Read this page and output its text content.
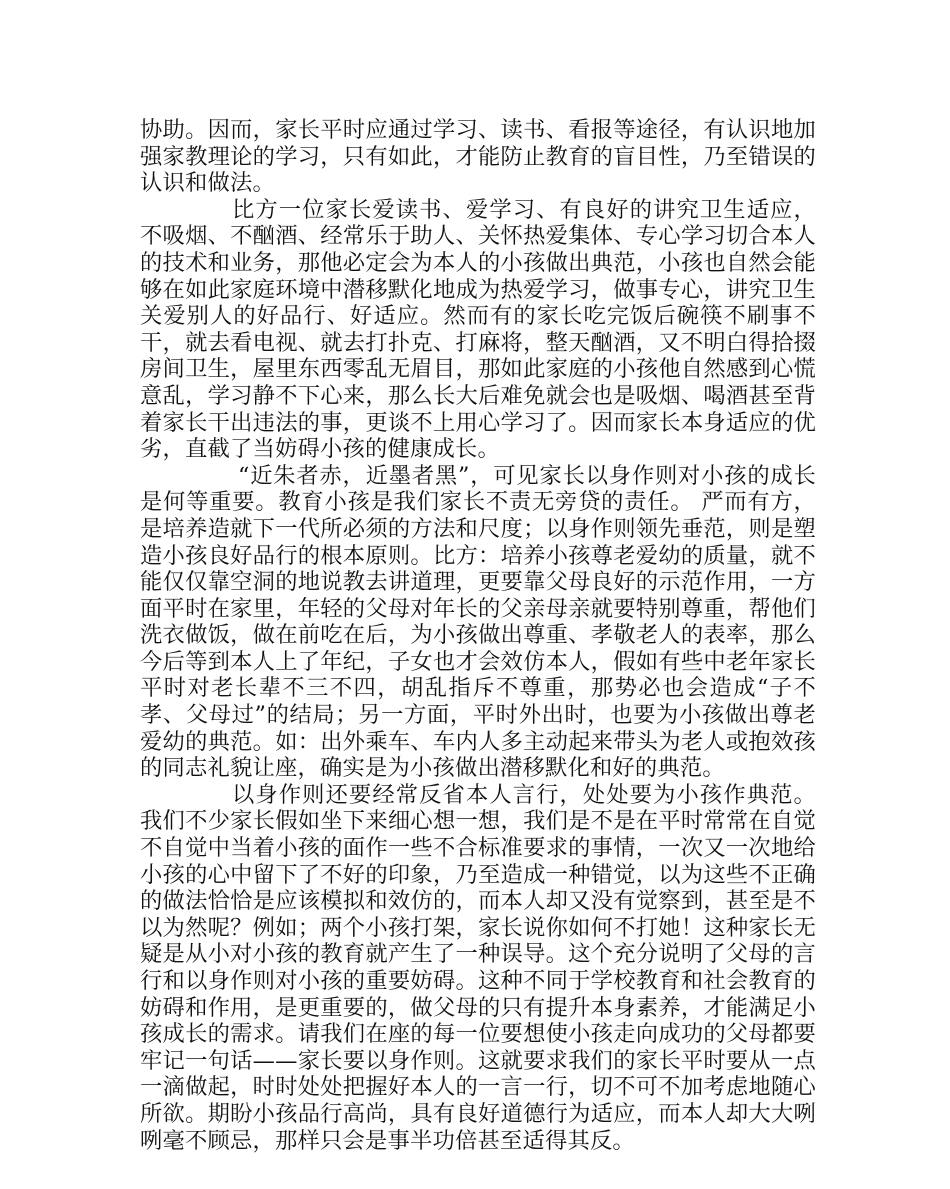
协助。因而，家长平时应通过学习、读书、看报等途径，有认识地加强家教理论的学习，只有如此，才能防止教育的盲目性，乃至错误的认识和做法。

比方一位家长爱读书、爱学习、有良好的讲究卫生适应，不吸烟、不酗酒、经常乐于助人、关怀热爱集体、专心学习切合本人的技术和业务，那他必定会为本人的小孩做出典范，小孩也自然会能够在如此家庭环境中潜移默化地成为热爱学习，做事专心，讲究卫生关爱别人的好品行、好适应。然而有的家长吃完饭后碗筷不刷事不干，就去看电视、就去打扑克、打麻将，整天酗酒，又不明白得拾掇房间卫生，屋里东西零乱无眉目，那如此家庭的小孩他自然感到心慌意乱，学习静不下心来，那么长大后难免就会也是吸烟、喝酒甚至背着家长干出违法的事，更谈不上用心学习了。因而家长本身适应的优劣，直截了当妨碍小孩的健康成长。

“近朱者赤，近墨者黑”，可见家长以身作则对小孩的成长是何等重要。教育小孩是我们家长不责无旁贷的责任。 严而有方，是培养造就下一代所必须的方法和尺度；以身作则领先垂范，则是塑造小孩良好品行的根本原则。比方：培养小孩尊老爱幼的质量，就不能仅仅靠空洞的地说教去讲道理，更要靠父母良好的示范作用，一方面平时在家里，年轻的父母对年长的父亲母亲就要特别尊重，帮他们洗衣做饭，做在前吃在后，为小孩做出尊重、孝敬老人的表率，那么今后等到本人上了年纪，子女也才会效仿本人，假如有些中老年家长平时对老长辈不三不四，胡乱指斥不尊重，那势必也会造成“子不孝、父母过”的结局；另一方面，平时外出时，也要为小孩做出尊老爱幼的典范。如：出外乘车、车内人多主动起来带头为老人或抱效孩的同志礼貌让座，确实是为小孩做出潜移默化和好的典范。

以身作则还要经常反省本人言行，处处要为小孩作典范。我们不少家长假如坐下来细心想一想，我们是不是在平时常常在自觉不自觉中当着小孩的面作一些不合标准要求的事情，一次又一次地给小孩的心中留下了不好的印象，乃至造成一种错觉，以为这些不正确的做法恰恰是应该模拟和效仿的，而本人却又没有觉察到，甚至是不以为然呢？例如；两个小孩打架，家长说你如何不打她！这种家长无疑是从小对小孩的教育就产生了一种误导。这个充分说明了父母的言行和以身作则对小孩的重要妨碍。这种不同于学校教育和社会教育的妨碍和作用，是更重要的，做父母的只有提升本身素养，才能满足小孩成长的需求。请我们在座的每一位要想使小孩走向成功的父母都要牢记一句话——家长要以身作则。这就要求我们的家长平时要从一点一滴做起，时时处处把握好本人的一言一行，切不可不加考虑地随心所欲。期盼小孩品行高尚，具有良好道德行为适应，而本人却大大咧咧毫不顾忌，那样只会是事半功倍甚至适得其反。
